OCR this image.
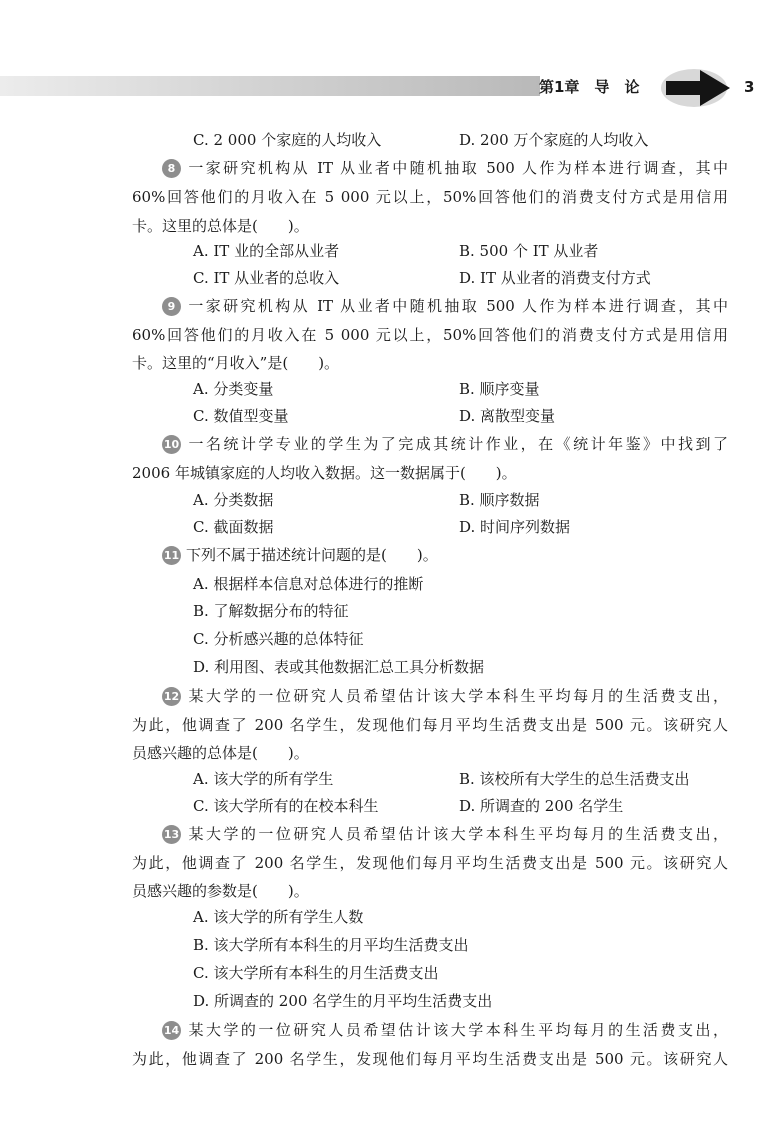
第1章　导　论	3
C. 2 000 个家庭的人均收入	D. 200 万个家庭的人均收入
8 一家研究机构从 IT 从业者中随机抽取 500 人作为样本进行调查，其中
60%回答他们的月收入在 5 000 元以上，50%回答他们的消费支付方式是用信用
卡。这里的总体是(　　)。
A. IT 业的全部从业者	B. 500 个 IT 从业者
C. IT 从业者的总收入	D. IT 从业者的消费支付方式
9 一家研究机构从 IT 从业者中随机抽取 500 人作为样本进行调查，其中
60%回答他们的月收入在 5 000 元以上，50%回答他们的消费支付方式是用信用
卡。这里的“月收入”是(　　)。
A. 分类变量	B. 顺序变量
C. 数值型变量	D. 离散型变量
10 一名统计学专业的学生为了完成其统计作业，在《统计年鉴》中找到了
2006 年城镇家庭的人均收入数据。这一数据属于(　　)。
A. 分类数据	B. 顺序数据
C. 截面数据	D. 时间序列数据
11 下列不属于描述统计问题的是(　　)。
A. 根据样本信息对总体进行的推断
B. 了解数据分布的特征
C. 分析感兴趣的总体特征
D. 利用图、表或其他数据汇总工具分析数据
12 某大学的一位研究人员希望估计该大学本科生平均每月的生活费支出，
为此，他调查了 200 名学生，发现他们每月平均生活费支出是 500 元。该研究人
员感兴趣的总体是(　　)。
A. 该大学的所有学生	B. 该校所有大学生的总生活费支出
C. 该大学所有的在校本科生	D. 所调查的 200 名学生
13 某大学的一位研究人员希望估计该大学本科生平均每月的生活费支出，
为此，他调查了 200 名学生，发现他们每月平均生活费支出是 500 元。该研究人
员感兴趣的参数是(　　)。
A. 该大学的所有学生人数
B. 该大学所有本科生的月平均生活费支出
C. 该大学所有本科生的月生活费支出
D. 所调查的 200 名学生的月平均生活费支出
14 某大学的一位研究人员希望估计该大学本科生平均每月的生活费支出，
为此，他调查了 200 名学生，发现他们每月平均生活费支出是 500 元。该研究人
